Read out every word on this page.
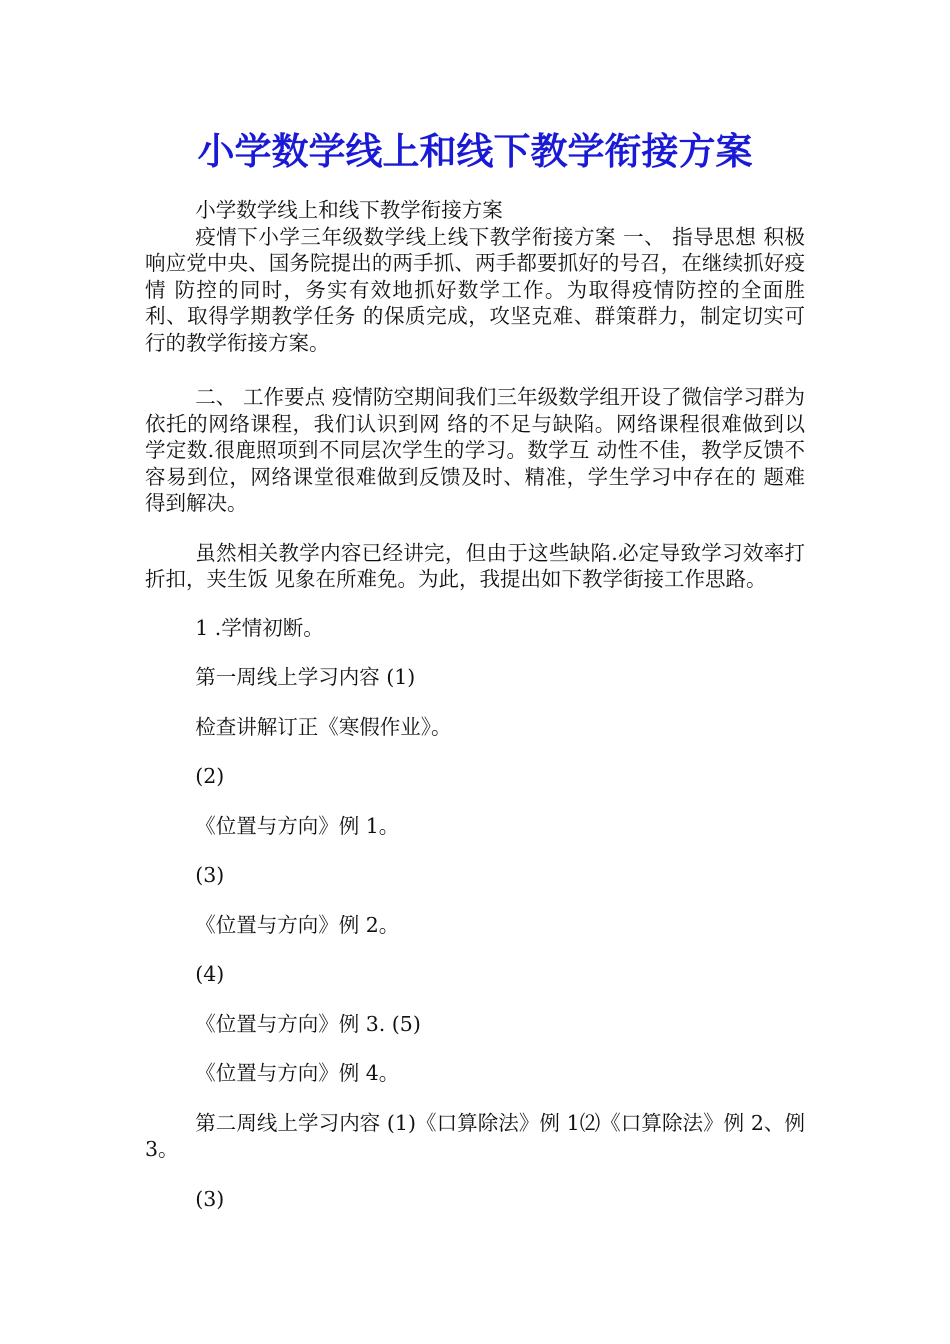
小学数学线上和线下教学衔接方案

小学数学线上和线下教学衔接方案

疫情下小学三年级数学线上线下教学衔接方案 一、 指导思想 积极响应党中央、国务院提出的两手抓、两手都要抓好的号召，在继续抓好疫情 防控的同时，务实有效地抓好数学工作。为取得疫情防控的全面胜利、取得学期教学任务 的保质完成，攻坚克难、群策群力，制定切实可行的教学衔接方案。

二、 工作要点 疫情防空期间我们三年级数学组开设了微信学习群为依托的网络课程，我们认识到网 络的不足与缺陷。网络课程很难做到以学定数.很鹿照项到不同层次学生的学习。数学互 动性不佳，教学反馈不容易到位，网络课堂很难做到反馈及时、精准，学生学习中存在的 题难得到解决。

虽然相关教学内容已经讲完，但由于这些缺陷.必定导致学习效率打折扣，夹生饭 见象在所难免。为此，我提出如下教学街接工作思路。

1 .学情初断。

第一周线上学习内容 (1)

检查讲解订正《寒假作业》。

(2)

《位置与方向》例 1。

(3)

《位置与方向》例 2。

(4)

《位置与方向》例 3. (5)

《位置与方向》例 4。

第二周线上学习内容 (1)《口算除法》例 1⑵《口算除法》例 2、例 3。

(3)
